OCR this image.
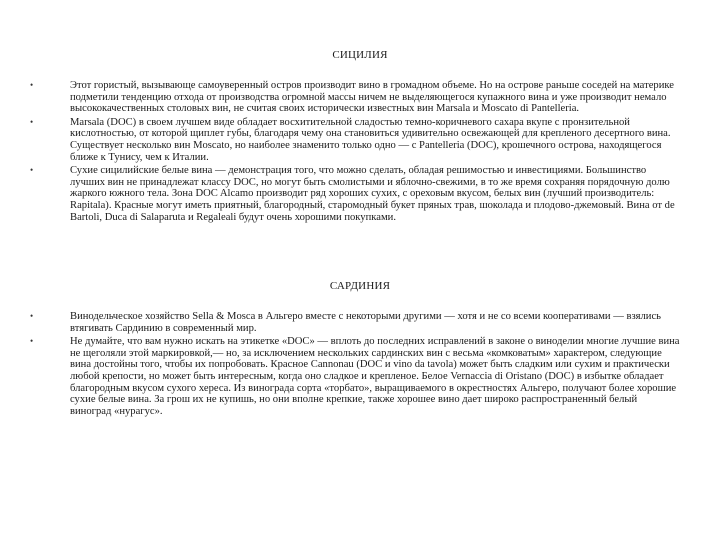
СИЦИЛИЯ
•	Этот гористый, вызывающе самоуверенный остров производит вино в громадном объеме. Но на острове раньше соседей на материке подметили тенденцию отхода от производства огромной массы ничем не выделяющегося купажного вина и уже производит немало высококачественных столовых вин, не считая своих исторически известных вин Marsala и Moscato di Pantelleria.
•	Marsala (DOC) в своем лучшем виде обладает восхитительной сладостью темно-коричневого сахара вкупе с пронзительной кислотностью, от которой щиплет губы, благодаря чему она становиться удивительно освежающей для крепленого десертного вина. Существует несколько вин Moscato, но наиболее знаменито только одно — с Pantelleria (DOC), крошечного острова, находящегося ближе к Тунису, чем к Италии.
•	Сухие сицилийские белые вина — демонстрация того, что можно сделать, обладая решимостью и инвестициями. Большинство лучших вин не принадлежат классу DOC, но могут быть смолистыми и яблочно-свежими, в то же время сохраняя порядочную долю жаркого южного тела. Зона DOC Alcamo производит ряд хороших сухих, с ореховым вкусом, белых вин (лучший производитель: Rapitala). Красные могут иметь приятный, благородный, старомодный букет пряных трав, шоколада и плодово-джемовый. Вина от de Bartoli, Duca di Salaparuta и Regaleali будут очень хорошими покупками.
САРДИНИЯ
•	Винодельческое хозяйство Sella & Mosca в Альгеро вместе с некоторыми другими — хотя и не со всеми кооперативами — взялись втягивать Сардинию в современный мир.
•	Не думайте, что вам нужно искать на этикетке «DOC» — вплоть до последних исправлений в законе о виноделии многие лучшие вина не щеголяли этой маркировкой,— но, за исключением нескольких сардинских вин с весьма «комковатым» характером, следующие вина достойны того, чтобы их попробовать. Красное Cannonau (DOC и vino da tavola) может быть сладким или сухим и практически любой крепости, но может быть интересным, когда оно сладкое и крепленое. Белое Vernaccia di Oristano (DOC) в избытке обладает благородным вкусом сухого хереса. Из винограда сорта «торбато», выращиваемого в окрестностях Альгеро, получают более хорошие сухие белые вина. За грош их не купишь, но они вполне крепкие, также хорошее вино дает широко распространенный белый виноград «нурагус».
